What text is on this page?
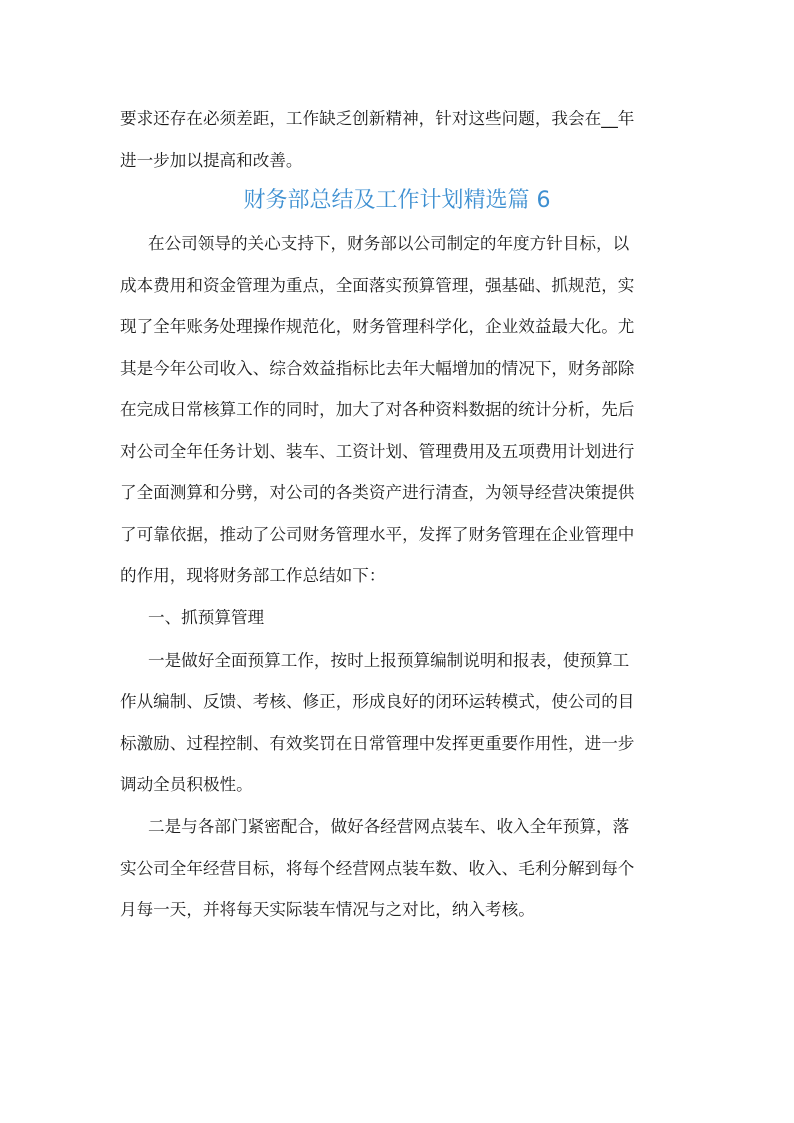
要求还存在必须差距，工作缺乏创新精神，针对这些问题，我会在__年
进一步加以提高和改善。
财务部总结及工作计划精选篇 6
在公司领导的关心支持下，财务部以公司制定的年度方针目标，以
成本费用和资金管理为重点，全面落实预算管理，强基础、抓规范，实
现了全年账务处理操作规范化，财务管理科学化，企业效益最大化。尤
其是今年公司收入、综合效益指标比去年大幅增加的情况下，财务部除
在完成日常核算工作的同时，加大了对各种资料数据的统计分析，先后
对公司全年任务计划、装车、工资计划、管理费用及五项费用计划进行
了全面测算和分劈，对公司的各类资产进行清查，为领导经营决策提供
了可靠依据，推动了公司财务管理水平，发挥了财务管理在企业管理中
的作用，现将财务部工作总结如下：
一、抓预算管理
一是做好全面预算工作，按时上报预算编制说明和报表，使预算工
作从编制、反馈、考核、修正，形成良好的闭环运转模式，使公司的目
标激励、过程控制、有效奖罚在日常管理中发挥更重要作用性，进一步
调动全员积极性。
二是与各部门紧密配合，做好各经营网点装车、收入全年预算，落
实公司全年经营目标，将每个经营网点装车数、收入、毛利分解到每个
月每一天，并将每天实际装车情况与之对比，纳入考核。
